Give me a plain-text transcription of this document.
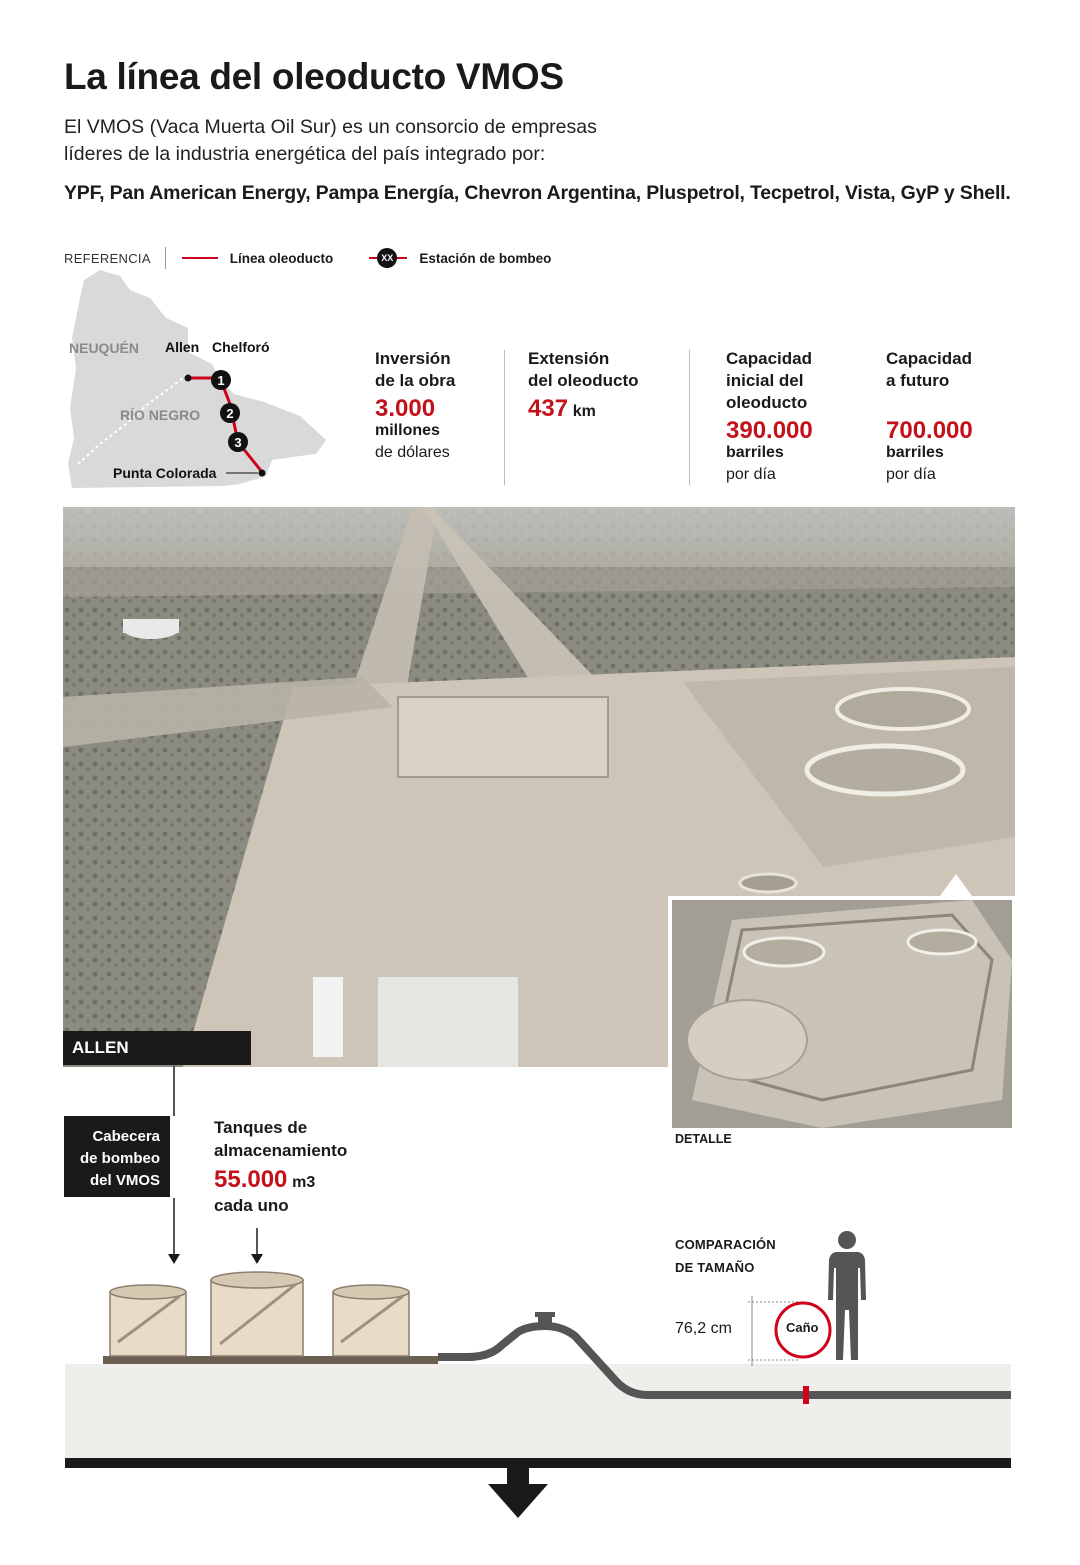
La línea del oleoducto VMOS
El VMOS (Vaca Muerta Oil Sur) es un consorcio de empresas
líderes de la industria energética del país integrado por:
YPF, Pan American Energy, Pampa Energía, Chevron Argentina, Pluspetrol, Tecpetrol, Vista, GyP y Shell.
REFERENCIA	Línea oleoducto	XX Estación de bombeo
1
2
3
NEUQUÉN
RÍO NEGRO
Allen Chelforó
Punta Colorada
Inversión
de la obra
3.000
millones
de dólares
Extensión
del oleoducto
437 km
Capacidad
inicial del
oleoducto
390.000
barriles
por día
Capacidad
a futuro
700.000
barriles
por día
ALLEN
DETALLE
Cabecera
de bombeo
del VMOS
Tanques de
almacenamiento
55.000 m3
cada uno
COMPARACIÓN
DE TAMAÑO
76,2 cm	Caño
